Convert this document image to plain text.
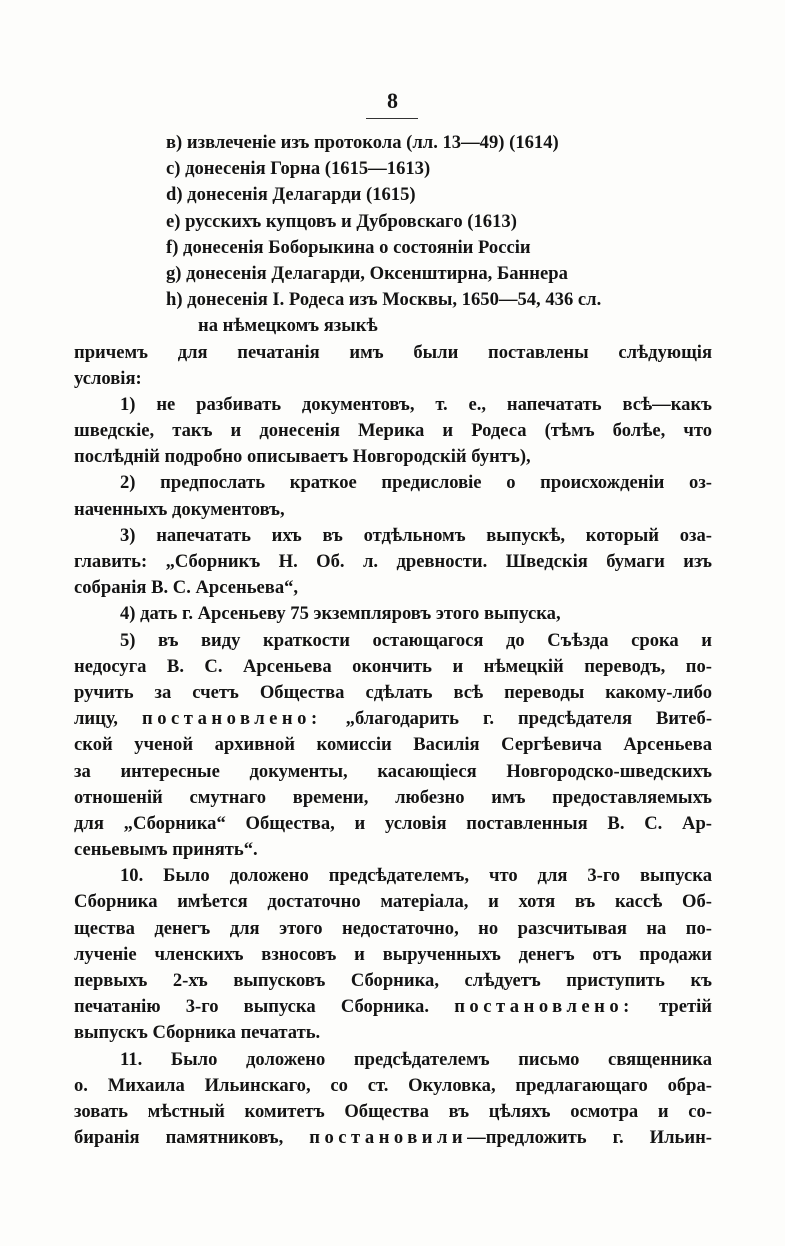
8
в) извлеченіе изъ протокола (лл. 13—49) (1614)
с) донесенія Горна (1615—1613)
d) донесенія Делагарди (1615)
е) русскихъ купцовъ и Дубровскагo (1613)
f) донесенія Боборыкина о состояніи Россіи
g) донесенія Делагарди, Оксенштирна, Баннера
h) донесенія І. Родеса изъ Москвы, 1650—54, 436 сл.
на нѣмецкомъ языкѣ
причемъ для печатанія имъ были поставлены слѣдующія
условія:
1) не разбивать документовъ, т. е., напечатать всѣ—какъ
шведскіе, такъ и донесенія Мерика и Родеса (тѣмъ болѣе, что
послѣдній подробно описываетъ Новгородскій бунтъ),
2) предпослать краткое предисловіе о происхожденіи оз-
наченныхъ документовъ,
3) напечатать ихъ въ отдѣльномъ выпускѣ, который оза-
главить: „Сборникъ Н. Об. л. древности. Шведскія бумаги изъ
собранія В. С. Арсеньева“,
4) дать г. Арсеньеву 75 экземпляровъ этого выпуска,
5) въ виду краткости остающагося до Съѣзда срока и
недосуга В. С. Арсеньева окончить и нѣмецкій переводъ, по-
ручить за счетъ Общества сдѣлать всѣ переводы какому-либо
лицу, постановлено: „благодарить г. предсѣдателя Витеб-
ской ученой архивной комиссіи Василія Сергѣевича Арсеньева
за интересные документы, касающіеся Новгородско-шведскихъ
отношеній смутнаго времени, любезно имъ предоставляемыхъ
для „Сборника“ Общества, и условія поставленныя В. С. Ар-
сеньевымъ принять“.
10. Было доложено предсѣдателемъ, что для 3-го выпуска
Сборника имѣется достаточно матеріала, и хотя въ кассѣ Об-
щества денегъ для этого недостаточно, но разсчитывая на по-
лученіе членскихъ взносовъ и вырученныхъ денегъ отъ продажи
первыхъ 2-хъ выпусковъ Сборника, слѣдуетъ приступить къ
печатанію 3-го выпуска Сборника. постановлено: третій
выпускъ Сборника печатать.
11. Было доложено предсѣдателемъ письмо священника
о. Михаила Ильинскаго, со ст. Окуловка, предлагающаго обра-
зовать мѣстный комитетъ Общества въ цѣляхъ осмотра и со-
биранія памятниковъ, постановили—предложить г. Ильин-
